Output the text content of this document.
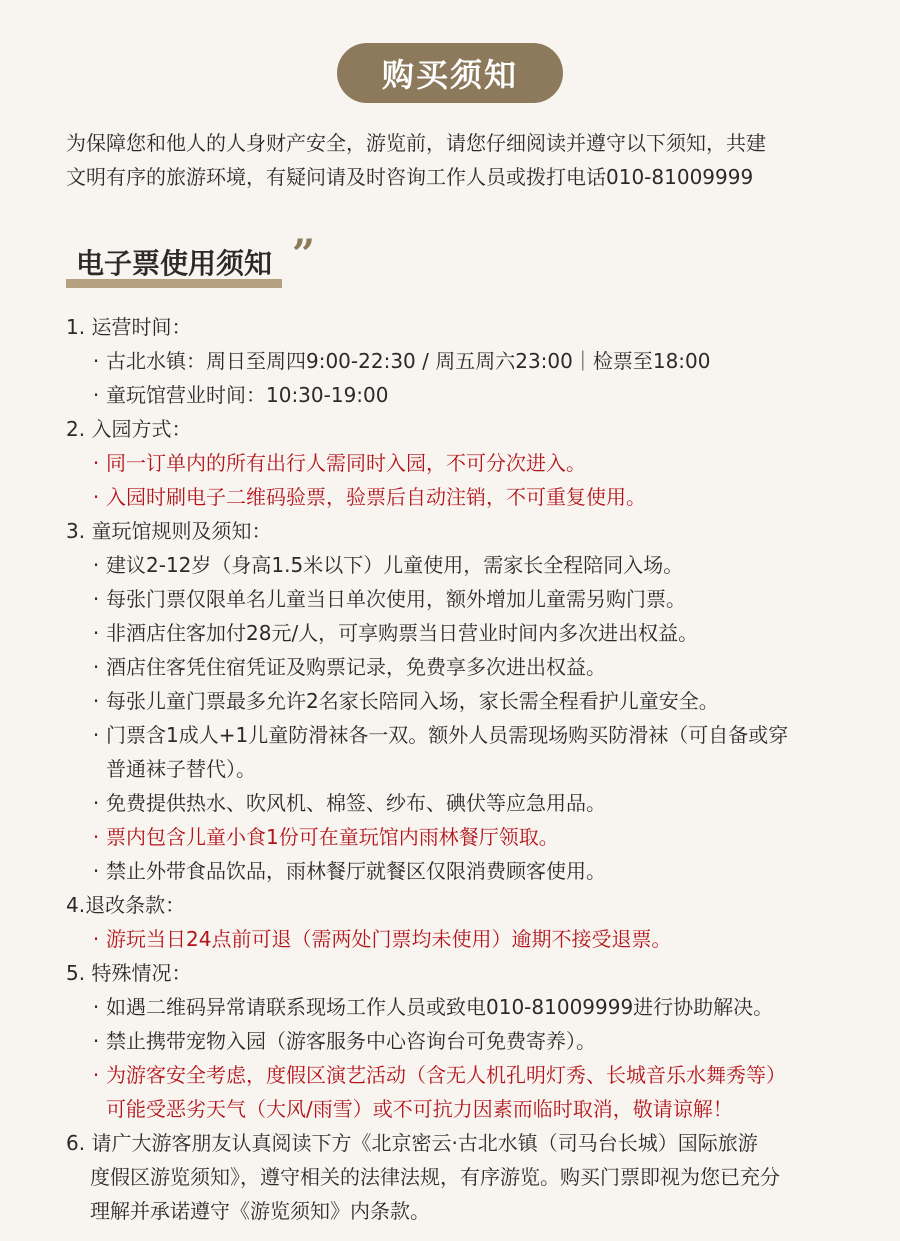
购买须知

为保障您和他人的人身财产安全，游览前，请您仔细阅读并遵守以下须知，共建

文明有序的旅游环境，有疑问请及时咨询工作人员或拨打电话010-81009999

电子票使用须知 ”
1. 运营时间：
· 古北水镇：周日至周四9:00-22:30 / 周五周六23:00｜检票至18:00
· 童玩馆营业时间：10:30-19:00
2. 入园方式：
· 同一订单内的所有出行人需同时入园，不可分次进入。
· 入园时刷电子二维码验票，验票后自动注销，不可重复使用。
3. 童玩馆规则及须知：
· 建议2-12岁（身高1.5米以下）儿童使用，需家长全程陪同入场。
· 每张门票仅限单名儿童当日单次使用，额外增加儿童需另购门票。
· 非酒店住客加付28元/人，可享购票当日营业时间内多次进出权益。
· 酒店住客凭住宿凭证及购票记录，免费享多次进出权益。
· 每张儿童门票最多允许2名家长陪同入场，家长需全程看护儿童安全。
· 门票含1成人+1儿童防滑袜各一双。额外人员需现场购买防滑袜（可自备或穿
普通袜子替代）。
· 免费提供热水、吹风机、棉签、纱布、碘伏等应急用品。
· 票内包含儿童小食1份可在童玩馆内雨林餐厅领取。
· 禁止外带食品饮品，雨林餐厅就餐区仅限消费顾客使用。
4.退改条款：
· 游玩当日24点前可退（需两处门票均未使用）逾期不接受退票。
5. 特殊情况：
· 如遇二维码异常请联系现场工作人员或致电010-81009999进行协助解决。
· 禁止携带宠物入园（游客服务中心咨询台可免费寄养）。
· 为游客安全考虑，度假区演艺活动（含无人机孔明灯秀、长城音乐水舞秀等）
可能受恶劣天气（大风/雨雪）或不可抗力因素而临时取消，敬请谅解！
6. 请广大游客朋友认真阅读下方《北京密云·古北水镇（司马台长城）国际旅游
度假区游览须知》，遵守相关的法律法规，有序游览。购买门票即视为您已充分
理解并承诺遵守《游览须知》内条款。
